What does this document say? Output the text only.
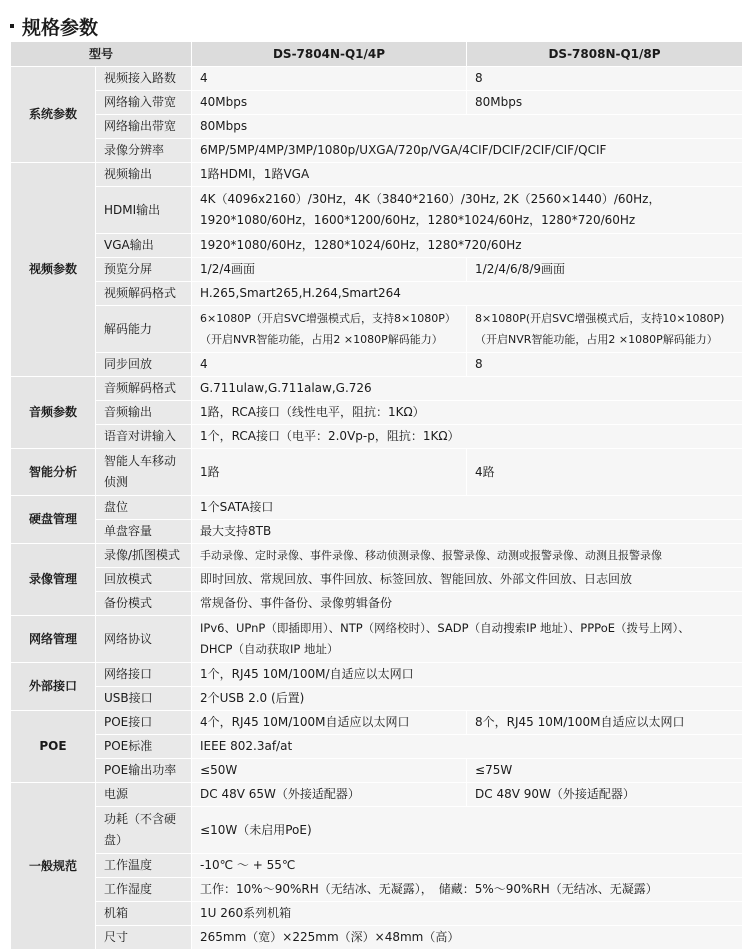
规格参数
型号		DS-7804N-Q1/4P	DS-7808N-Q1/8P
系统参数	视频接入路数	4	8
	网络输入带宽	40Mbps	80Mbps
	网络输出带宽	80Mbps	
	录像分辨率	6MP/5MP/4MP/3MP/1080p/UXGA/720p/VGA/4CIF/DCIF/2CIF/CIF/QCIF	
视频参数	视频输出	1路HDMI，1路VGA	
	HDMI输出	4K（4096x2160）/30Hz，4K（3840*2160）/30Hz, 2K（2560×1440）/60Hz，
1920*1080/60Hz，1600*1200/60Hz，1280*1024/60Hz，1280*720/60Hz	

	VGA输出	1920*1080/60Hz，1280*1024/60Hz，1280*720/60Hz	
	预览分屏	1/2/4画面	1/2/4/6/8/9画面
	视频解码格式	H.265,Smart265,H.264,Smart264	
	解码能力	6×1080P（开启SVC增强模式后，支持8×1080P）
（开启NVR智能功能，占用2 ×1080P解码能力）	8×1080P(开启SVC增强模式后，支持10×1080P)
（开启NVR智能功能，占用2 ×1080P解码能力）

	同步回放	4	8
音频参数	音频解码格式	G.711ulaw,G.711alaw,G.726	
	音频输出	1路，RCA接口（线性电平，阻抗：1KΩ）	
	语音对讲输入	1个，RCA接口（电平：2.0Vp-p，阻抗：1KΩ）	
智能分析	智能人车移动
侦测	1路	4路
硬盘管理	盘位	1个SATA接口	
	单盘容量	最大支持8TB	
录像管理	录像/抓图模式	手动录像、定时录像、事件录像、移动侦测录像、报警录像、动测或报警录像、动测且报警录像	
	回放模式	即时回放、常规回放、事件回放、标签回放、智能回放、外部文件回放、日志回放	
	备份模式	常规备份、事件备份、录像剪辑备份	
网络管理	网络协议	IPv6、UPnP（即插即用）、NTP（网络校时）、SADP（自动搜索IP 地址）、PPPoE（拨号上网）、
DHCP（自动获取IP 地址）	

外部接口	网络接口	1个，RJ45 10M/100M/自适应以太网口	
	USB接口	2个USB 2.0 (后置)	
POE	POE接口	4个，RJ45 10M/100M自适应以太网口	8个，RJ45 10M/100M自适应以太网口
	POE标准	IEEE 802.3af/at	
	POE输出功率	≤50W	≤75W
一般规范	电源	DC 48V 65W（外接适配器）	DC 48V 90W（外接适配器）

	功耗（不含硬
盘）	≤10W（未启用PoE)	
	工作温度	-10℃ ～ + 55℃	
	工作湿度	工作：10%～90%RH（无结冰、无凝露），　储藏：5%～90%RH（无结冰、无凝露）	
	机箱	1U 260系列机箱	
	尺寸	265mm（宽）×225mm（深）×48mm（高）	
